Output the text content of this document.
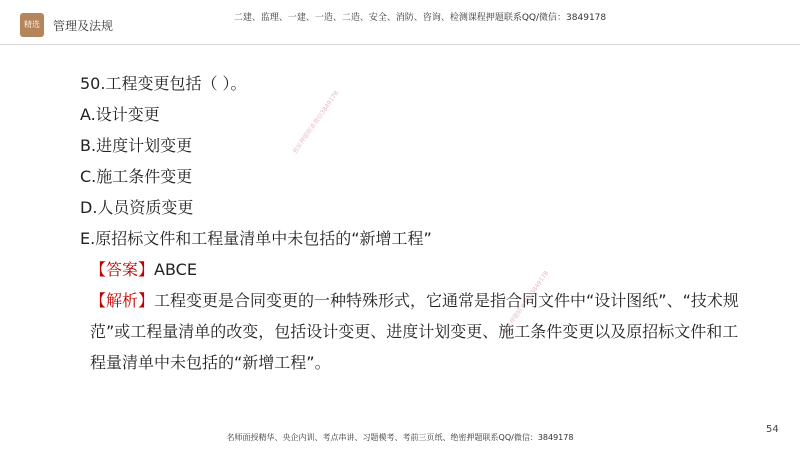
精选	管理及法规
二建、监理、一建、一造、二造、安全、消防、咨询、检测课程押题联系QQ/微信：3849178
独家押题联系微信3849178
独家押题联系微信3849178
50.工程变更包括（ ）。
A.设计变更
B.进度计划变更
C.施工条件变更
D.人员资质变更
E.原招标文件和工程量清单中未包括的“新增工程”
【答案】ABCE
【解析】工程变更是合同变更的一种特殊形式，它通常是指合同文件中“设计图纸”、“技术规范”或工程量清单的改变，包括设计变更、进度计划变更、施工条件变更以及原招标文件和工程量清单中未包括的“新增工程”。
54
名师面授精华、央企内训、考点串讲、习题模考、考前三页纸、绝密押题联系QQ/微信：3849178
